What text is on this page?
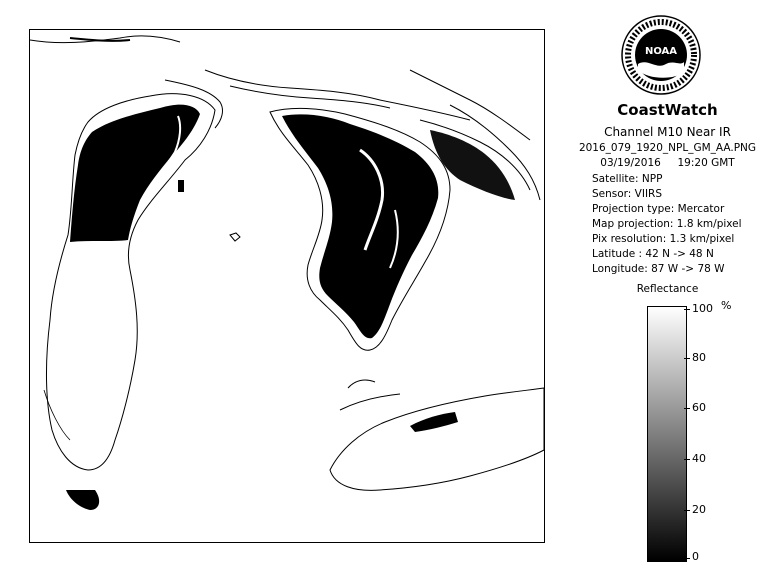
NOAA
CoastWatch
Channel M10 Near IR
2016_079_1920_NPL_GM_AA.PNG
03/19/2016     19:20 GMT
Satellite: NPP
Sensor: VIIRS
Projection type: Mercator
Map projection: 1.8 km/pixel
Pix resolution: 1.3 km/pixel
Latitude : 42 N -> 48 N
Longitude: 87 W -> 78 W
Reflectance
%
100
80
60
40
20
0
